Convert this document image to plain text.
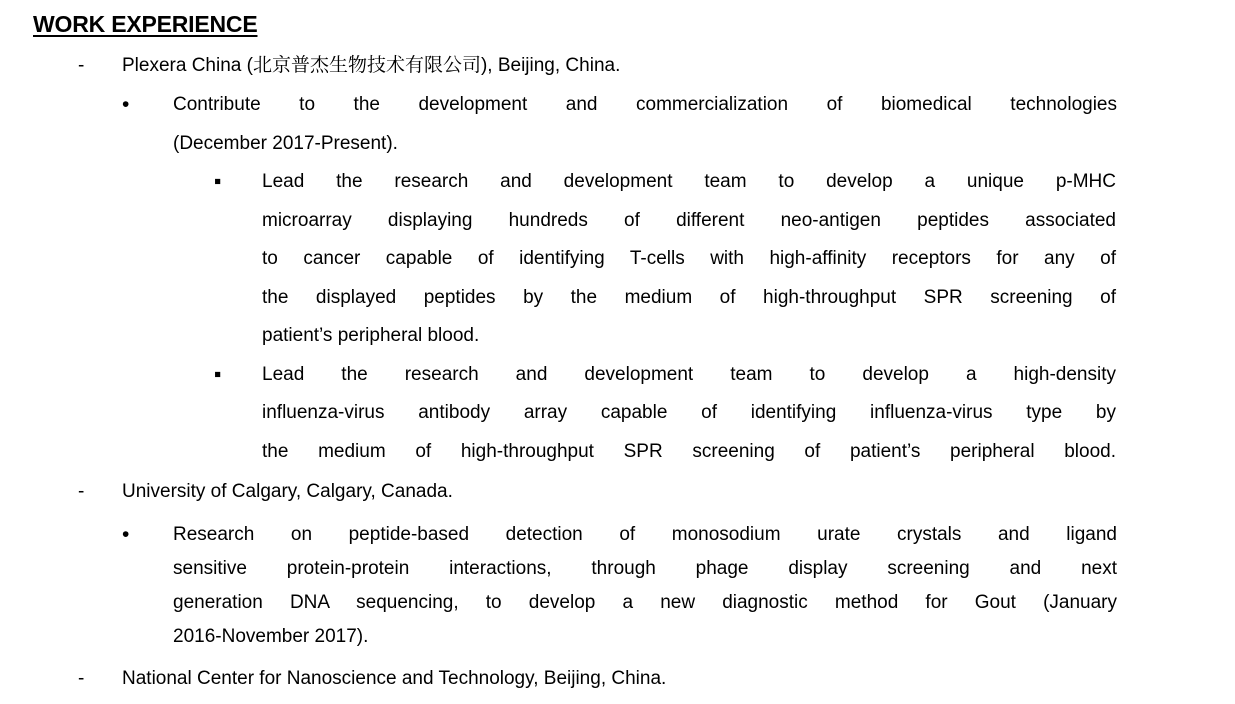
WORK EXPERIENCE
- Plexera China (北京普杰生物技术有限公司), Beijing, China.
• Contribute to the development and commercialization of biomedical technologies
(December 2017-Present).
▪ Lead the research and development team to develop a unique p-MHC
microarray displaying hundreds of different neo-antigen peptides associated
to cancer capable of identifying T-cells with high-affinity receptors for any of
the displayed peptides by the medium of high-throughput SPR screening of
patient’s peripheral blood.
▪ Lead the research and development team to develop a high-density
influenza-virus antibody array capable of identifying influenza-virus type by
the medium of high-throughput SPR screening of patient’s peripheral blood.
- University of Calgary, Calgary, Canada.
• Research on peptide-based detection of monosodium urate crystals and ligand
sensitive protein-protein interactions, through phage display screening and next
generation DNA sequencing, to develop a new diagnostic method for Gout (January
2016-November 2017).
- National Center for Nanoscience and Technology, Beijing, China.
